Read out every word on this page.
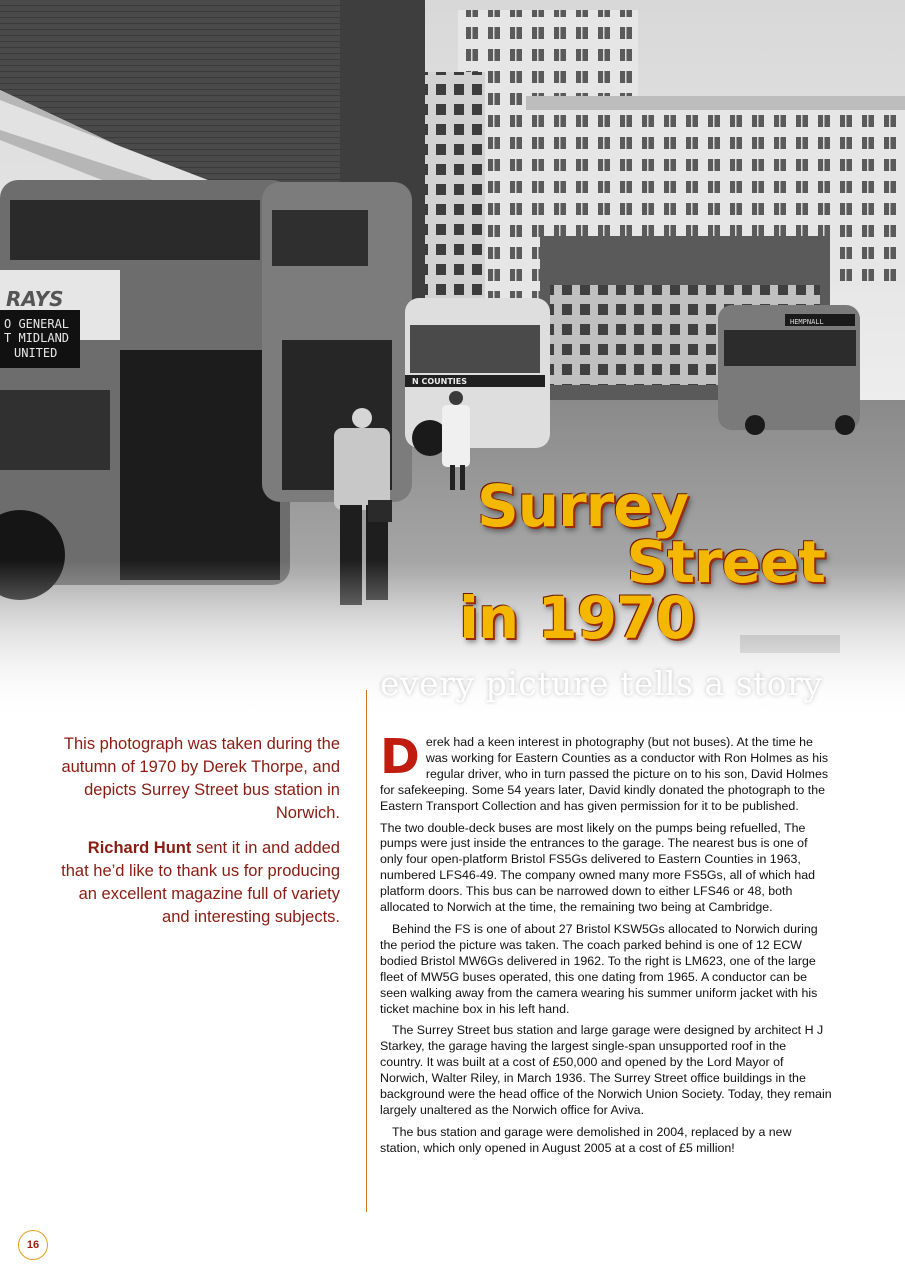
O GENERAL
T MIDLAND
UNITED
RAYS
N COUNTIES
HEMPNALL
Surrey
Street
in 1970
every picture tells a story

This photograph was taken during the autumn of 1970 by Derek Thorpe, and depicts Surrey Street bus station in Norwich.

Richard Hunt sent it in and added that he’d like to thank us for producing an excellent magazine full of variety and interesting subjects.

Derek had a keen interest in photography (but not buses). At the time he was working for Eastern Counties as a conductor with Ron Holmes as his regular driver, who in turn passed the picture on to his son, David Holmes for safekeeping. Some 54 years later, David kindly donated the photograph to the Eastern Transport Collection and has given permission for it to be published.

The two double-deck buses are most likely on the pumps being refuelled, The pumps were just inside the entrances to the garage. The nearest bus is one of only four open-platform Bristol FS5Gs delivered to Eastern Counties in 1963, numbered LFS46-49. The company owned many more FS5Gs, all of which had platform doors. This bus can be narrowed down to either LFS46 or 48, both allocated to Norwich at the time, the remaining two being at Cambridge.

Behind the FS is one of about 27 Bristol KSW5Gs allocated to Norwich during the period the picture was taken. The coach parked behind is one of 12 ECW bodied Bristol MW6Gs delivered in 1962. To the right is LM623, one of the large fleet of MW5G buses operated, this one dating from 1965. A conductor can be seen walking away from the camera wearing his summer uniform jacket with his ticket machine box in his left hand.

The Surrey Street bus station and large garage were designed by architect H J Starkey, the garage having the largest single-span unsupported roof in the country. It was built at a cost of £50,000 and opened by the Lord Mayor of Norwich, Walter Riley, in March 1936. The Surrey Street office buildings in the background were the head office of the Norwich Union Society. Today, they remain largely unaltered as the Norwich office for Aviva.

The bus station and garage were demolished in 2004, replaced by a new station, which only opened in August 2005 at a cost of £5 million!

16
